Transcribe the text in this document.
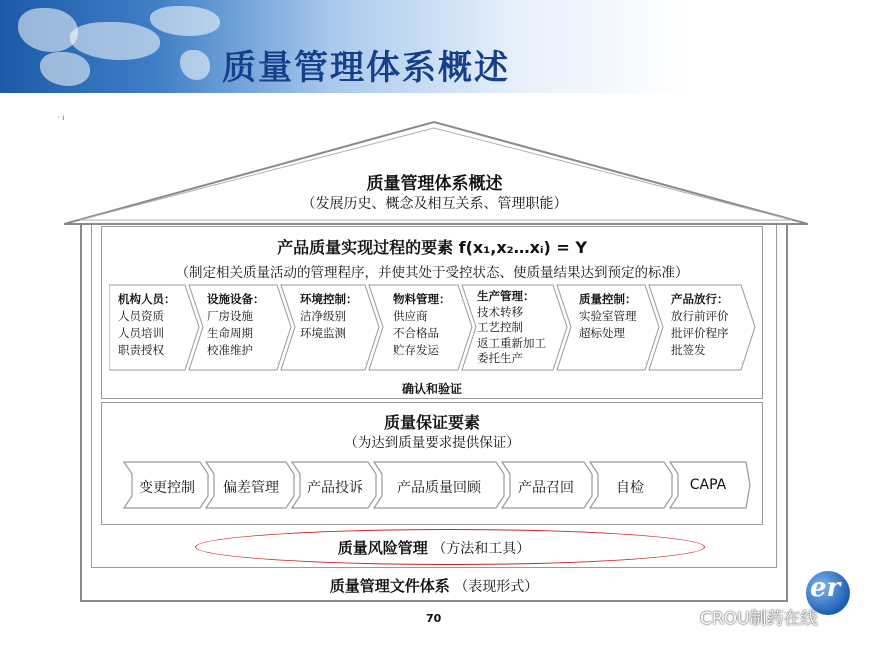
质量管理体系概述
· ı
质量管理体系概述
（发展历史、概念及相互关系、管理职能）
产品质量实现过程的要素 f(x₁,x₂…xᵢ) = Y
（制定相关质量活动的管理程序，并使其处于受控状态、使质量结果达到预定的标准）
机构人员：
人员资质
人员培训
职责授权
设施设备：
厂房设施
生命周期
校准维护
环境控制：
洁净级别
环境监测
物料管理：
供应商
不合格品
贮存发运
生产管理：
技术转移
工艺控制
返工重新加工
委托生产
质量控制：
实验室管理
超标处理
产品放行：
放行前评价
批评价程序
批签发
确认和验证
质量保证要素
（为达到质量要求提供保证）
变更控制	偏差管理	产品投诉	产品质量回顾	产品召回	自检	CAPA
质量风险管理 （方法和工具）
质量管理文件体系 （表现形式）
70
er
CROU制药在线
